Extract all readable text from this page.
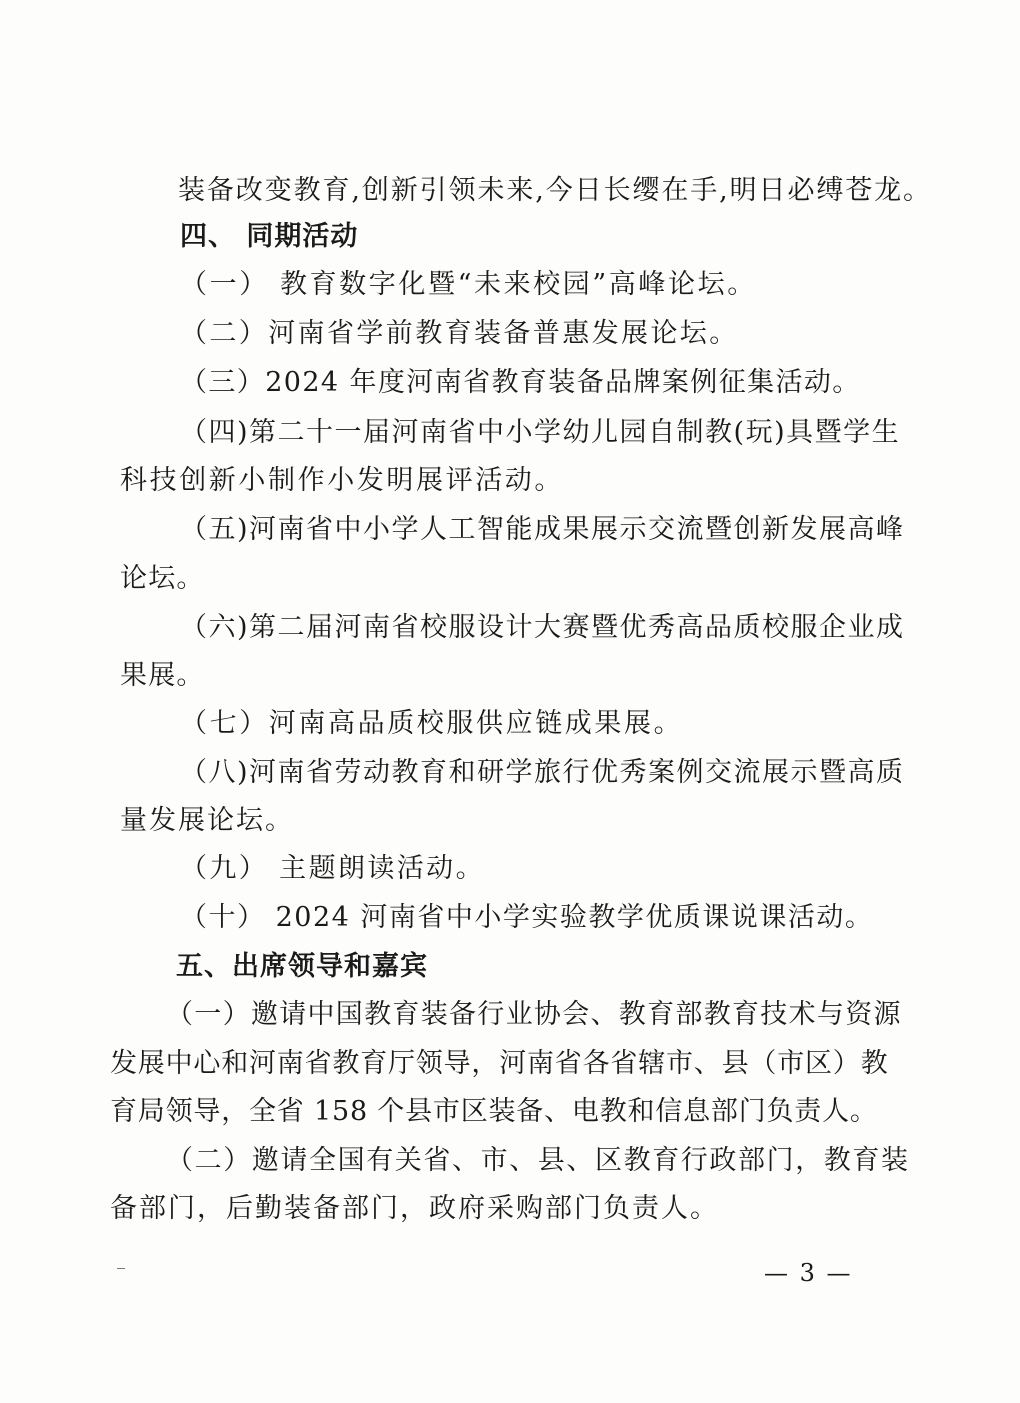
装备改变教育,创新引领未来,今日长缨在手,明日必缚苍龙。
四、 同期活动
（一） 教育数字化暨“未来校园”高峰论坛。
（二）河南省学前教育装备普惠发展论坛。
（三）2024 年度河南省教育装备品牌案例征集活动。
（四)第二十一届河南省中小学幼儿园自制教(玩)具暨学生
科技创新小制作小发明展评活动。
（五)河南省中小学人工智能成果展示交流暨创新发展高峰
论坛。
（六)第二届河南省校服设计大赛暨优秀高品质校服企业成
果展。
（七）河南高品质校服供应链成果展。
（八)河南省劳动教育和研学旅行优秀案例交流展示暨高质
量发展论坛。
（九） 主题朗读活动。
（十） 2024 河南省中小学实验教学优质课说课活动。
五、出席领导和嘉宾
（一）邀请中国教育装备行业协会、教育部教育技术与资源
发展中心和河南省教育厅领导，河南省各省辖市、县（市区）教
育局领导，全省 158 个县市区装备、电教和信息部门负责人。
（二）邀请全国有关省、市、县、区教育行政部门，教育装
备部门，后勤装备部门，政府采购部门负责人。
— 3 —
